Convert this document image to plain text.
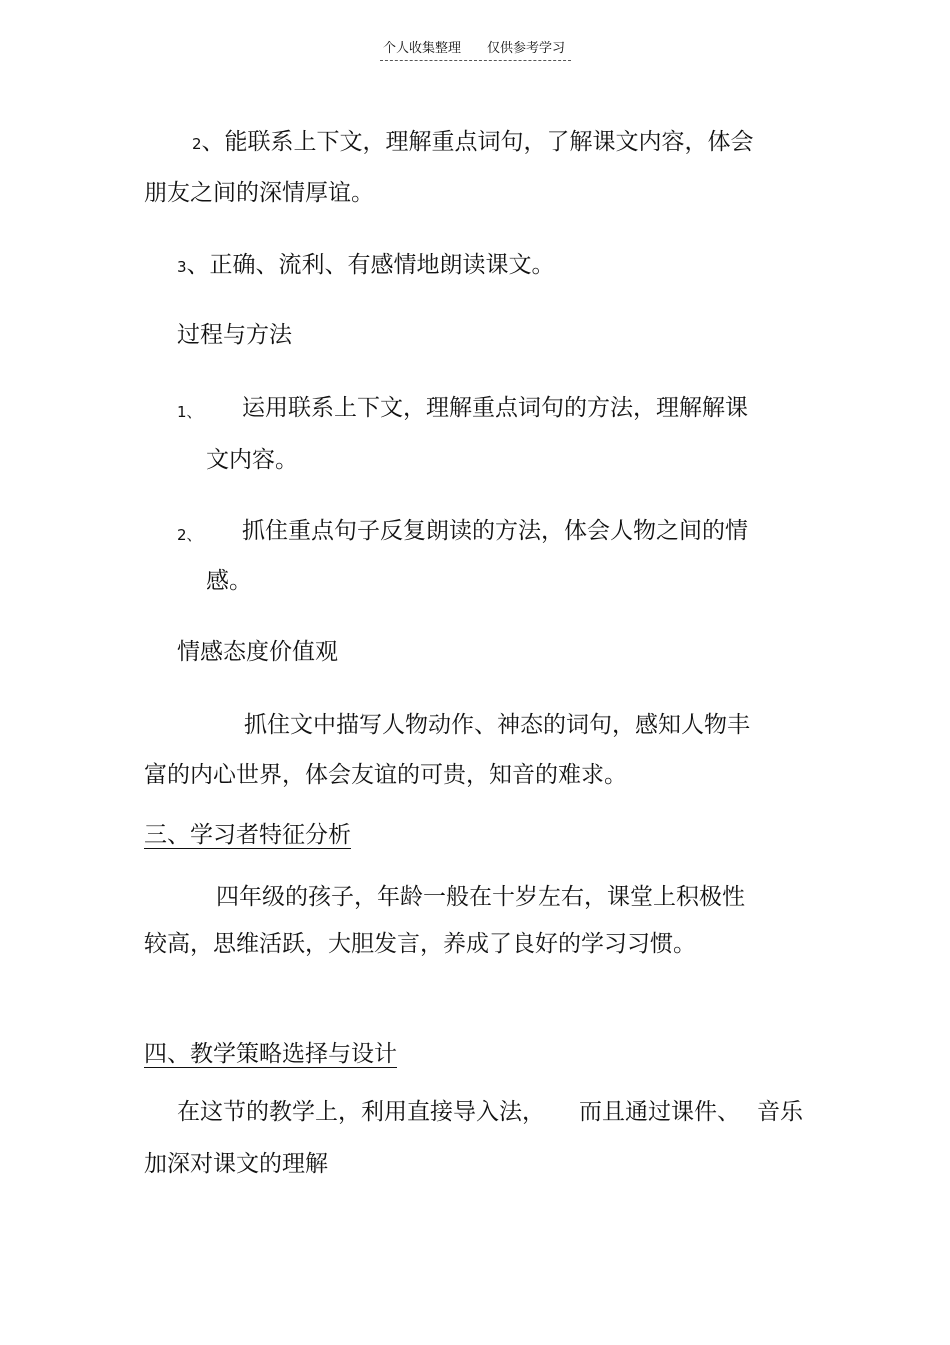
个人收集整理 仅供参考学习
2、能联系上下文，理解重点词句，了解课文内容，体会
朋友之间的深情厚谊。
3、正确、流利、有感情地朗读课文。
过程与方法
1、 运用联系上下文，理解重点词句的方法，理解解课
文内容。
2、 抓住重点句子反复朗读的方法，体会人物之间的情
感。
情感态度价值观
抓住文中描写人物动作、神态的词句，感知人物丰
富的内心世界，体会友谊的可贵，知音的难求。
三、学习者特征分析
四年级的孩子，年龄一般在十岁左右，课堂上积极性
较高，思维活跃，大胆发言，养成了良好的学习习惯。
四、教学策略选择与设计
在这节的教学上，利用直接导入法， 而且通过课件、 音乐
加深对课文的理解
